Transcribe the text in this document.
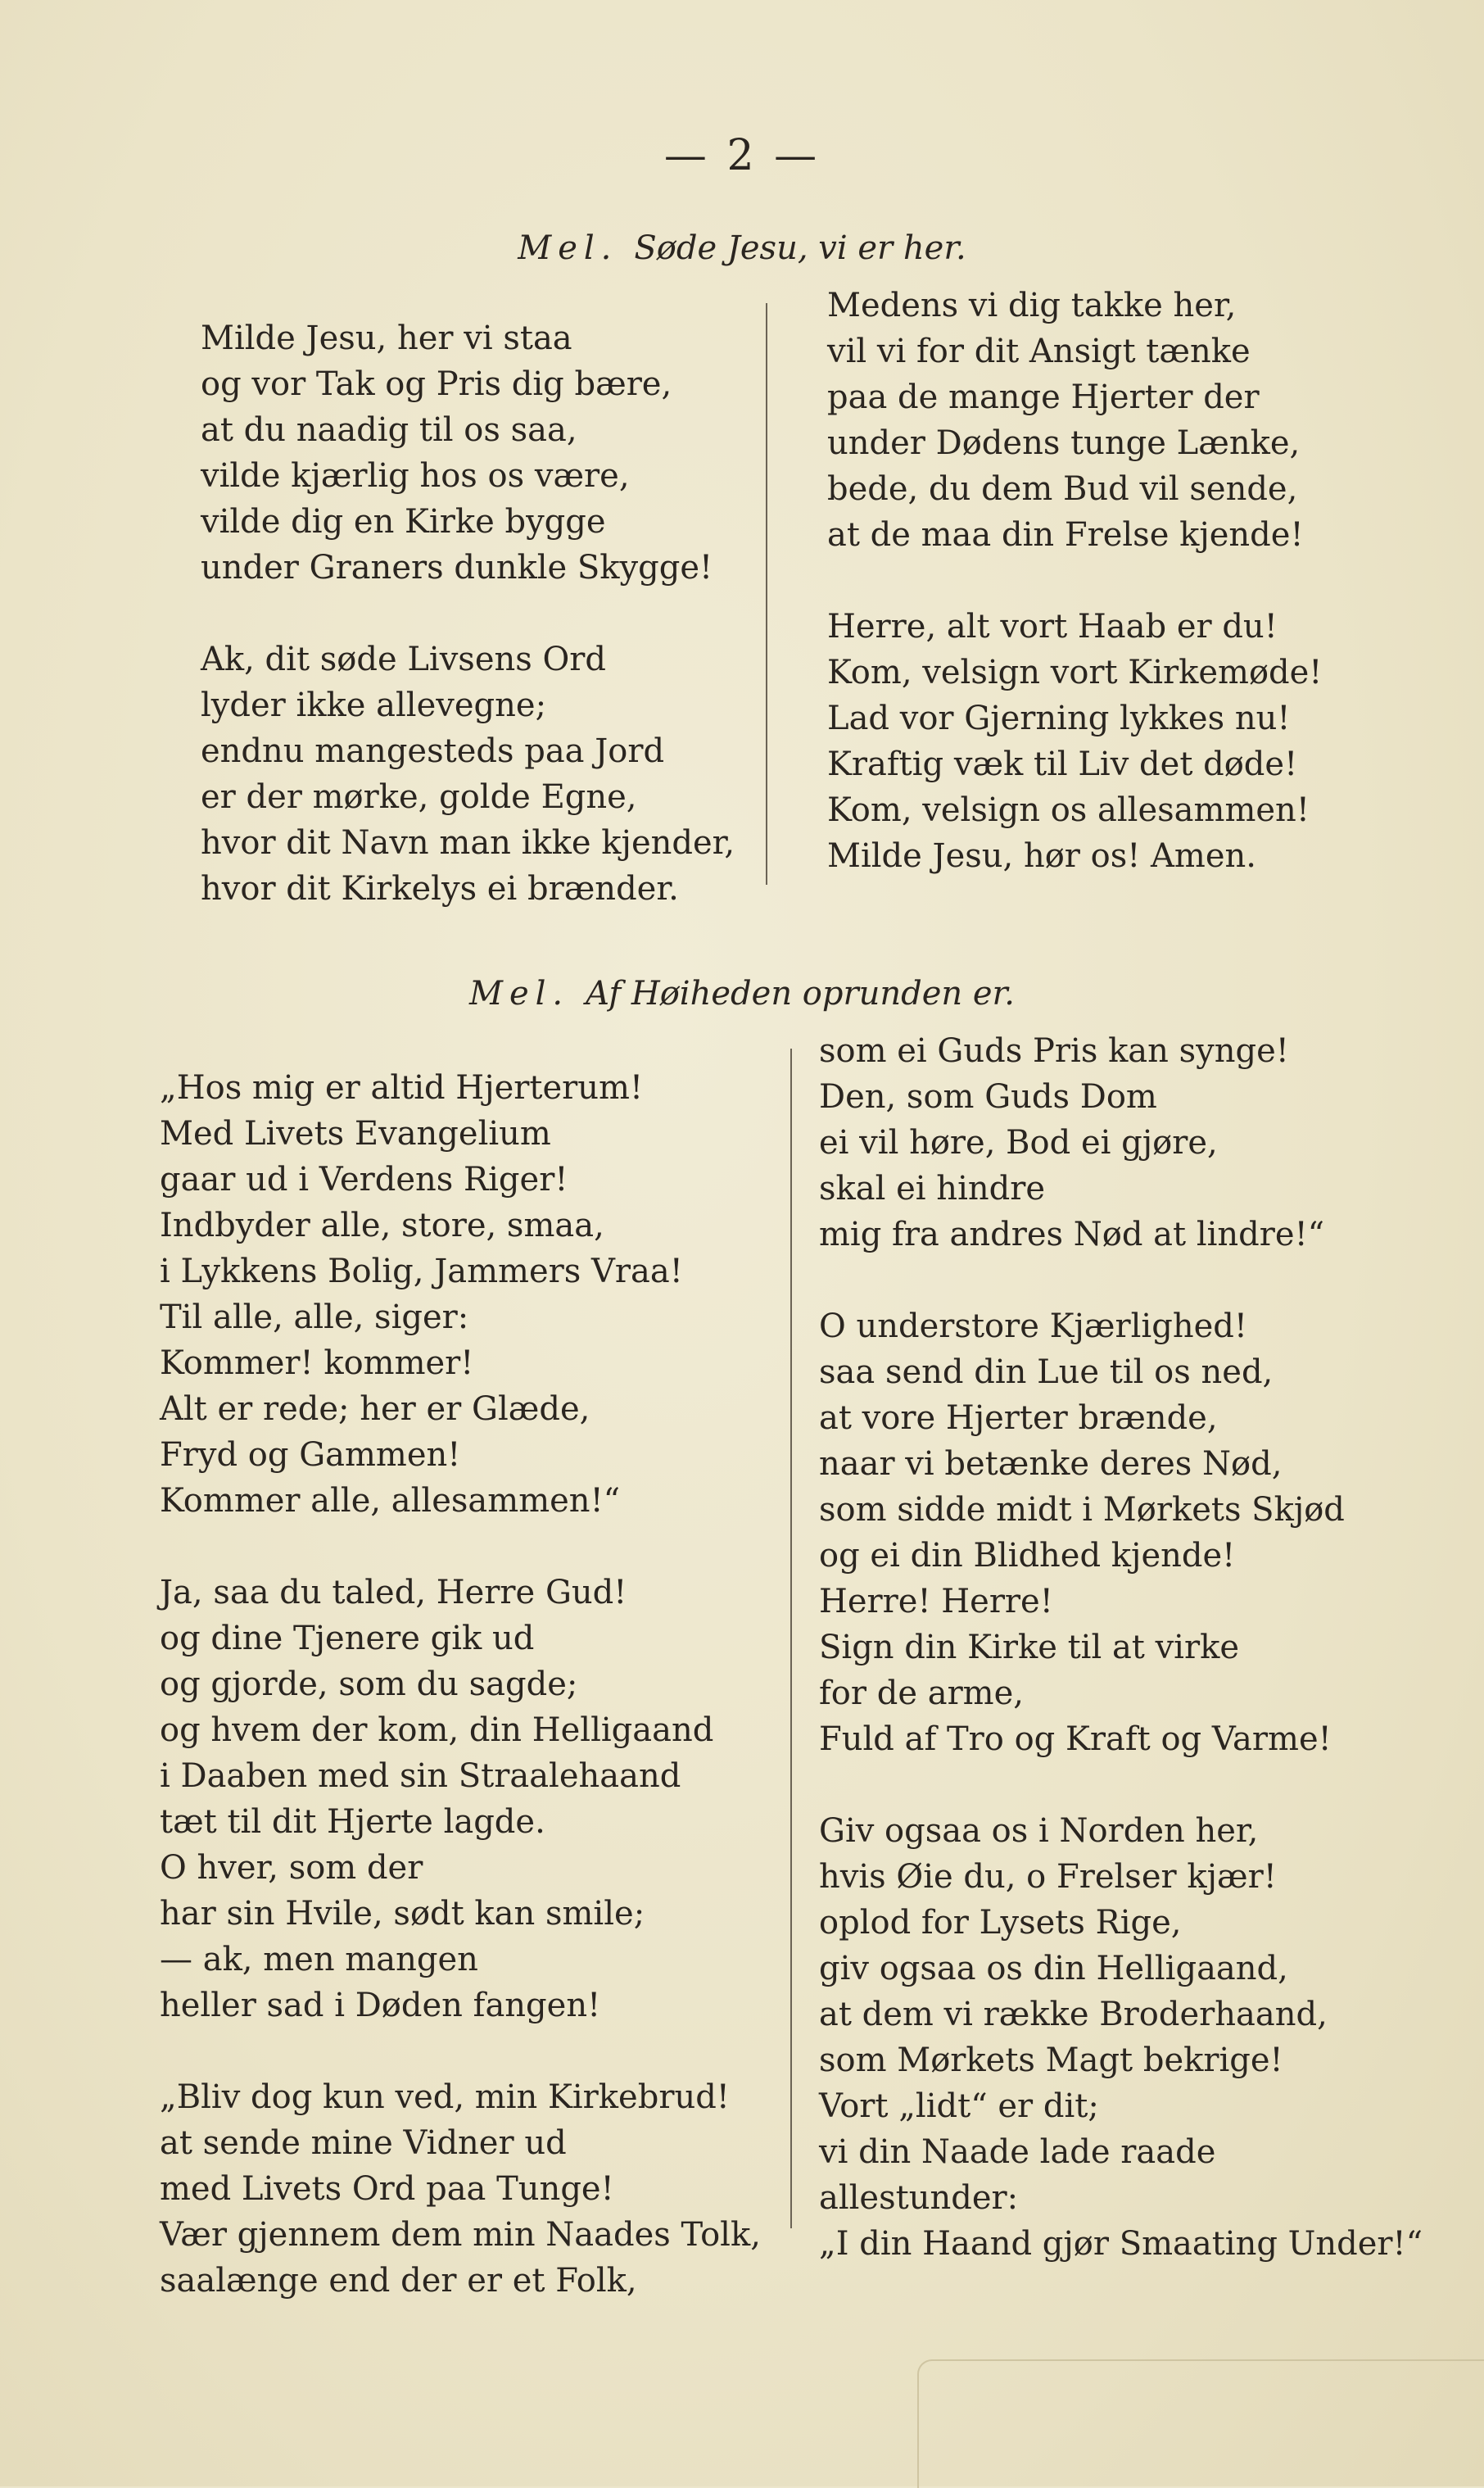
— 2 —
Mel. Søde Jesu, vi er her.
Milde Jesu, her vi staa
og vor Tak og Pris dig bære,
at du naadig til os saa,
vilde kjærlig hos os være,
vilde dig en Kirke bygge
under Graners dunkle Skygge!
Ak, dit søde Livsens Ord
lyder ikke allevegne;
endnu mangesteds paa Jord
er der mørke, golde Egne,
hvor dit Navn man ikke kjender,
hvor dit Kirkelys ei brænder.
Medens vi dig takke her,
vil vi for dit Ansigt tænke
paa de mange Hjerter der
under Dødens tunge Lænke,
bede, du dem Bud vil sende,
at de maa din Frelse kjende!
Herre, alt vort Haab er du!
Kom, velsign vort Kirkemøde!
Lad vor Gjerning lykkes nu!
Kraftig væk til Liv det døde!
Kom, velsign os allesammen!
Milde Jesu, hør os! Amen.
Mel. Af Høiheden oprunden er.
„Hos mig er altid Hjerterum!
Med Livets Evangelium
gaar ud i Verdens Riger!
Indbyder alle, store, smaa,
i Lykkens Bolig, Jammers Vraa!
Til alle, alle, siger:
Kommer! kommer!
Alt er rede; her er Glæde,
Fryd og Gammen!
Kommer alle, allesammen!“
Ja, saa du taled, Herre Gud!
og dine Tjenere gik ud
og gjorde, som du sagde;
og hvem der kom, din Helligaand
i Daaben med sin Straalehaand
tæt til dit Hjerte lagde.
O hver, som der
har sin Hvile, sødt kan smile;
— ak, men mangen
heller sad i Døden fangen!
„Bliv dog kun ved, min Kirkebrud!
at sende mine Vidner ud
med Livets Ord paa Tunge!
Vær gjennem dem min Naades Tolk,
saalænge end der er et Folk,
som ei Guds Pris kan synge!
Den, som Guds Dom
ei vil høre, Bod ei gjøre,
skal ei hindre
mig fra andres Nød at lindre!“
O understore Kjærlighed!
saa send din Lue til os ned,
at vore Hjerter brænde,
naar vi betænke deres Nød,
som sidde midt i Mørkets Skjød
og ei din Blidhed kjende!
Herre! Herre!
Sign din Kirke til at virke
for de arme,
Fuld af Tro og Kraft og Varme!
Giv ogsaa os i Norden her,
hvis Øie du, o Frelser kjær!
oplod for Lysets Rige,
giv ogsaa os din Helligaand,
at dem vi række Broderhaand,
som Mørkets Magt bekrige!
Vort „lidt“ er dit;
vi din Naade lade raade
allestunder:
„I din Haand gjør Smaating Under!“
